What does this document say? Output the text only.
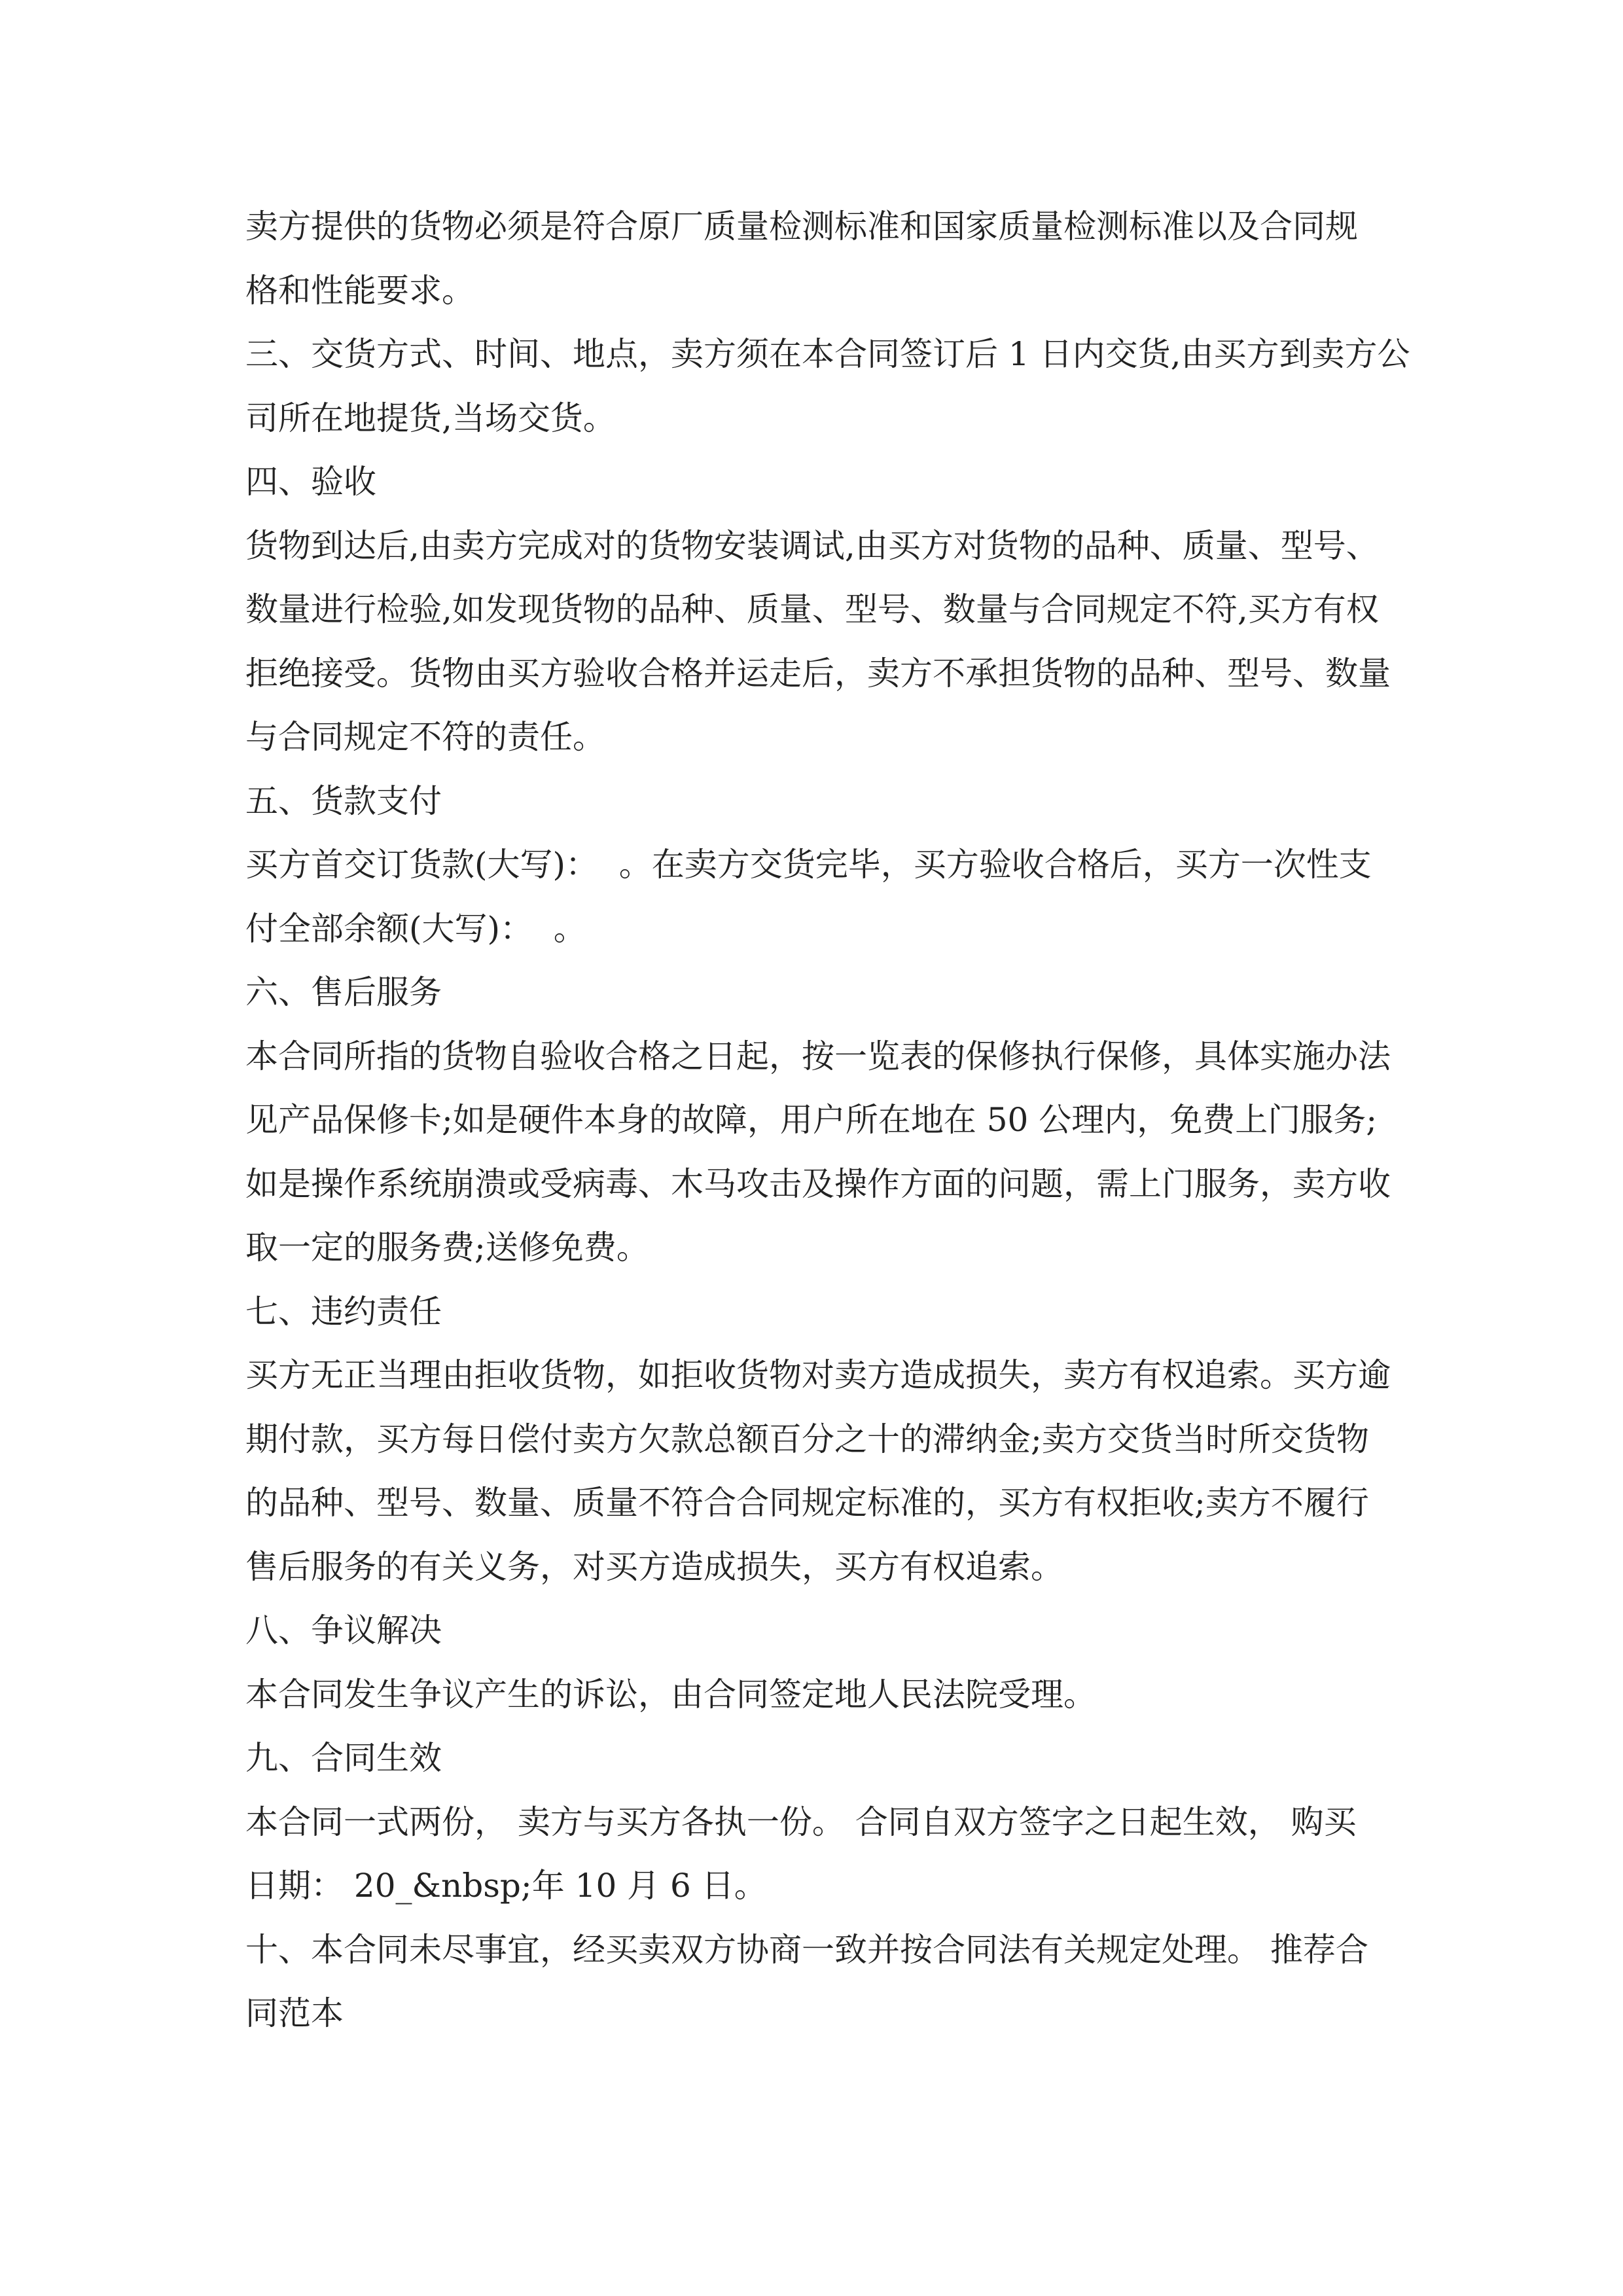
卖方提供的货物必须是符合原厂质量检测标准和国家质量检测标准以及合同规
格和性能要求。
三、交货方式、时间、地点，卖方须在本合同签订后 1 日内交货,由买方到卖方公
司所在地提货,当场交货。
四、验收
货物到达后,由卖方完成对的货物安装调试,由买方对货物的品种、质量、型号、
数量进行检验,如发现货物的品种、质量、型号、数量与合同规定不符,买方有权
拒绝接受。货物由买方验收合格并运走后，卖方不承担货物的品种、型号、数量
与合同规定不符的责任。
五、货款支付
买方首交订货款(大写)：  。在卖方交货完毕，买方验收合格后，买方一次性支
付全部余额(大写)：  。
六、售后服务
本合同所指的货物自验收合格之日起，按一览表的保修执行保修，具体实施办法
见产品保修卡;如是硬件本身的故障，用户所在地在 50 公理内，免费上门服务;
如是操作系统崩溃或受病毒、木马攻击及操作方面的问题，需上门服务，卖方收
取一定的服务费;送修免费。
七、违约责任
买方无正当理由拒收货物，如拒收货物对卖方造成损失，卖方有权追索。买方逾
期付款，买方每日偿付卖方欠款总额百分之十的滞纳金;卖方交货当时所交货物
的品种、型号、数量、质量不符合合同规定标准的，买方有权拒收;卖方不履行
售后服务的有关义务，对买方造成损失，买方有权追索。
八、争议解决
本合同发生争议产生的诉讼，由合同签定地人民法院受理。
九、合同生效
本合同一式两份， 卖方与买方各执一份。 合同自双方签字之日起生效， 购买
日期： 20_&nbsp;年 10 月 6 日。
十、本合同未尽事宜，经买卖双方协商一致并按合同法有关规定处理。 推荐合
同范本
